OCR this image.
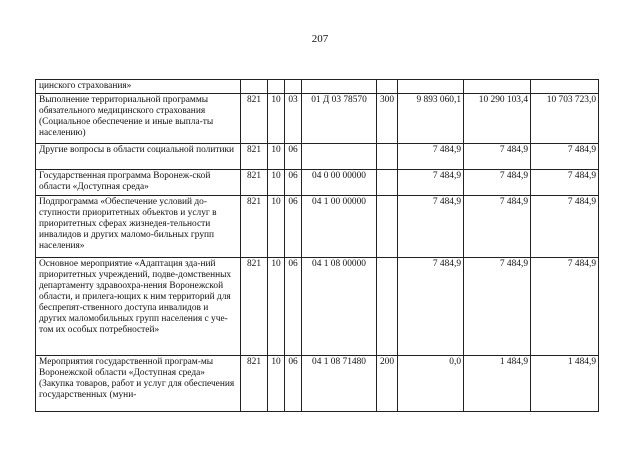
207
цинского страхования»								
Выполнение территориальной программы обязательного медицинского страхования (Социальное обеспечение и иные выпла-ты населению)	821	10	03	01 Д 03 78570	300	9 893 060,1	10 290 103,4	10 703 723,0
Другие вопросы в области социальной политики	821	10	06			7 484,9	7 484,9	7 484,9
Государственная программа Воронеж-ской области «Доступная среда»	821	10	06	04 0 00 00000		7 484,9	7 484,9	7 484,9
Подпрограмма «Обеспечение условий до-ступности приоритетных объектов и услуг в приоритетных сферах жизнедея-тельности инвалидов и других маломо-бильных групп населения»	821	10	06	04 1 00 00000		7 484,9	7 484,9	7 484,9
Основное мероприятие «Адаптация зда-ний приоритетных учреждений, подве-домственных департаменту здравоохра-нения Воронежской области, и прилега-ющих к ним территорий для беспрепят-ственного доступа инвалидов и других маломобильных групп населения с уче-том их особых потребностей»	821	10	06	04 1 08 00000		7 484,9	7 484,9	7 484,9
Мероприятия государственной програм-мы Воронежской области «Доступная среда» (Закупка товаров, работ и услуг для обеспечения государственных (муни-	821	10	06	04 1 08 71480	200	0,0	1 484,9	1 484,9
